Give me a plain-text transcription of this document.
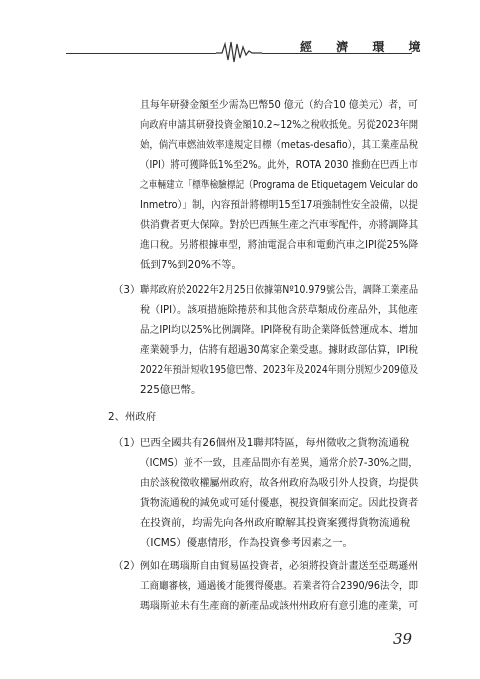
經 濟 環 境
且每年研發金額至少需為巴幣50 億元（約合10 億美元）者，可
向政府申請其研發投資金額10.2~12%之稅收抵免。另從2023年開
始，倘汽車燃油效率達規定目標（metas-desafio），其工業產品稅
（IPI）將可獲降低1%至2%。此外，ROTA 2030 推動在巴西上市
之車輛建立「標準檢驗標記（Programa de Etiquetagem Veicular do
Inmetro）」制，內容預計將標明15至17項強制性安全設備，以提
供消費者更大保障。對於巴西無生產之汽車零配件，亦將調降其
進口稅。另將根據車型，將油電混合車和電動汽車之IPI從25%降
低到7%到20%不等。
（3） 聯邦政府於2022年2月25日依據第Nº10.979號公告，調降工業產品
稅（IPI）。該項措施除捲菸和其他含菸草類成份產品外，其他產
品之IPI均以25%比例調降。IPI降稅有助企業降低營運成本、增加
產業競爭力，估將有超過30萬家企業受惠。據財政部估算，IPI稅
2022年預計短收195億巴幣、2023年及2024年則分別短少209億及
225億巴幣。
2、州政府
（1） 巴西全國共有26個州及1聯邦特區，每州徵收之貨物流通稅
（ICMS）並不一致，且產品間亦有差異，通常介於7-30%之間，
由於該稅徵收權屬州政府，故各州政府為吸引外人投資，均提供
貨物流通稅的減免或可延付優惠，視投資個案而定。因此投資者
在投資前，均需先向各州政府瞭解其投資案獲得貨物流通稅
（ICMS）優惠情形，作為投資參考因素之一。
（2） 例如在瑪瑙斯自由貿易區投資者，必須將投資計畫送至亞瑪遜州
工商廳審核，通過後才能獲得優惠。若業者符合2390/96法令，即
瑪瑙斯並未有生產商的新產品或該州州政府有意引進的產業，可
39
